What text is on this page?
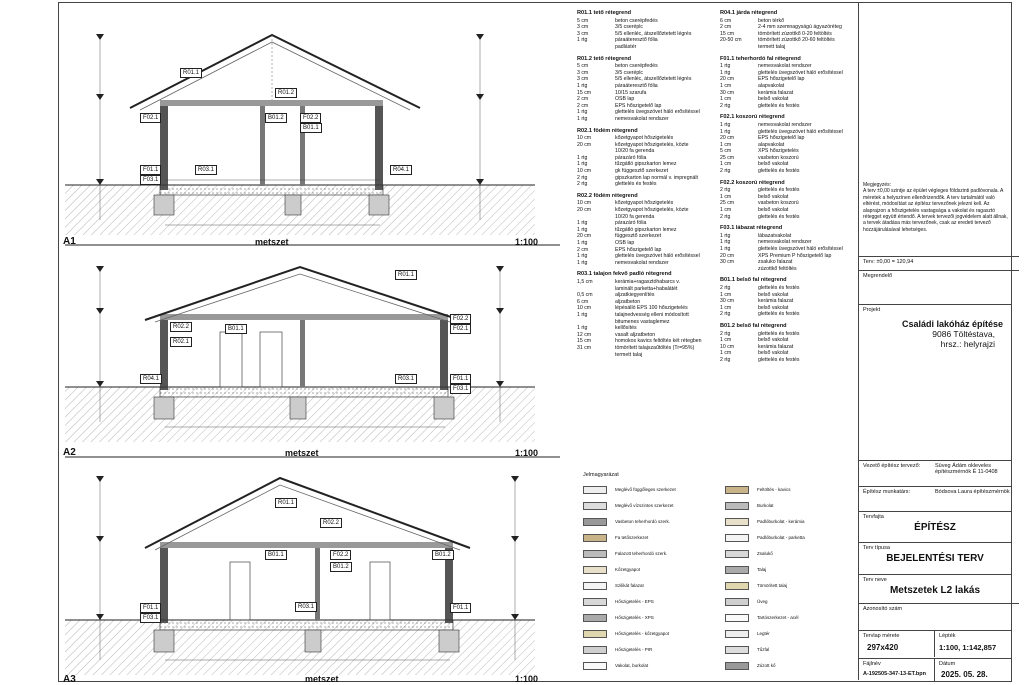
R01.1
R01.2
B01.2	F02.2
F02.1
B01.1
R04.1
F01.1
F03.1
R03.1
A1	metszet	1:100
R01.1
R02.2
R02.1
B01.1
R04.1	R03.1	F01.1
F03.1
F02.2
F02.1
A2	metszet	1:100
R01.1
R02.2
B01.1	F02.2	B01.2
R03.1
F01.1
F03.1
F01.1
B01.2
A3	metszet	1:100
R01.1 tető rétegrend
5 cm	beton cserépfedés
3 cm	3/5 cseréplc
3 cm	5/5 ellenléc, átszellőztetett légrés
1 rtg	páraáteresztő fólia
padlástér
R01.2 tető rétegrend
5 cm	beton cserépfedés
3 cm	3/5 cseréplc
3 cm	5/5 ellenléc, átszellőztetett légrés
1 rtg	páraáteresztő fólia
15 cm	10/15 szarufa
2 cm	OSB lap
2 cm	EPS hőszigetelő lap
1 rtg	glettelés üvegszövet háló erősítéssel
1 rtg	nemesvakolat rendszer
R02.1 födém rétegrend
10 cm	kőzetgyapot hőszigetelés
20 cm	kőzetgyapot hőszigetelés, közte
10/20 fa gerenda
1 rtg	párazáró fólia
1 rtg	tűzgátló gipszkarton lemez
10 cm	gk függesztő szerkezet
2 rtg	gipszkarton lap normál v. impregnált
2 rtg	glettelés és festés
R02.2 födém rétegrend
10 cm	kőzetgyapot hőszigetelés
20 cm	kőzetgyapot hőszigetelés, közte
10/20 fa gerenda
1 rtg	párazáró fólia
1 rtg	tűzgátló gipszkarton lemez
20 cm	függesztő szerkezet
1 rtg	OSB lap
2 cm	EPS hőszigetelő lap
1 rtg	glettelés üvegszövet háló erősítéssel
1 rtg	nemesvakolat rendszer
R03.1 talajon fekvő padló rétegrend
1,5 cm	kerámia+ragasztóhabarcs v.
laminált parketta+habalátét
0,5 cm	aljzatkiegyenlítés
6 cm	aljzatbeton
10 cm	lépésálló EPS 100 hőszigetelés
1 rtg	talajnedvesség elleni módosított
bitumenes vastaglemez
1 rtg	kellősítés
12 cm	vasalt aljzatbeton
15 cm	homokos kavics feltöltés két rétegben
31 cm	tömörített talajszaűtöltés (Tr=95%)
termett talaj
R04.1 járda rétegrend
6 cm	beton térkő
2 cm	2-4 mm szemnagyságú ágyazóréteg
15 cm	tömörített zúzottkő 0-20 feltöltés
20-50 cm	tömörített zúzottkő 20-60 feltöltés
termett talaj
F01.1 teherhordó fal rétegrend
1 rtg	nemesvakolat rendszer
1 rtg	glettelés üvegszövet háló erősítéssel
20 cm	EPS hőszigetelő lap
1 cm	alapvakolat
30 cm	kerámia falazat
1 cm	belső vakolat
2 rtg	glettelés és festés
F02.1 koszorú rétegrend
1 rtg	nemesvakolat rendszer
1 rtg	glettelés üvegszövet háló erősítéssel
20 cm	EPS hőszigetelő lap
1 cm	alapvakolat
5 cm	XPS hőszigetelés
25 cm	vasbeton koszorú
1 cm	belső vakolat
2 rtg	glettelés és festés
F02.2 koszorú rétegrend
2 rtg	glettelés és festés
1 cm	belső vakolat
25 cm	vasbeton koszorú
1 cm	belső vakolat
2 rtg	glettelés és festés
F03.1 lábazat rétegrend
1 rtg	lábazatvakolat
1 rtg	nemesvakolat rendszer
1 rtg	glettelés üvegszövet háló erősítéssel
20 cm	XPS Premium P hőszigetelő lap
30 cm	zsaluko falazat
zúzottkő feltöltés
B01.1 belső fal rétegrend
2 rtg	glettelés és festés
1 cm	belső vakolat
30 cm	kerámia falazat
1 cm	belső vakolat
2 rtg	glettelés és festés
B01.2 belső fal rétegrend
2 rtg	glettelés és festés
1 cm	belső vakolat
10 cm	kerámia falazat
1 cm	belső vakolat
2 rtg	glettelés és festés
Jelmagyarázat
Meglévő függőleges szerkezet
Meglévő vízszintes szerkezet
Vasbeton teherhordó szerk.
Fa tetőszerkezet
Falazott teherhordó szerk.
Kőzetgyapot
Szilikát falazat
Hőszigetelés - EPS
Hőszigetelés - XPS
Hőszigetelés - kőzetgyapot
Hőszigetelés - PIR
Vakolat, burkolat
Feltöltés - kavics
Burkolat
Padlóburkolat - kerámia
Padlóburkolat - parketta
Zsalukő
Talaj
Tömörített talaj
Üveg
Tartószerkezet - acél
Legtér
Tűzfal
Zúzott kő
Megjegyzés:
A terv ±0,00 szintje az épület végleges földszinti padlóvonala. A méretek a helyszínen ellenőrizendők. A terv tartalmától való eltérést, módosítást az építész tervezőnek jelezni kell. Az alaprajzon a hőszigetelés vastagsága a vakolat és ragasztó rétegget együtt értendő. A tervek tervezői jogvédelem alatt állnak, a tervek átadása más tervezőnek, csak az eredeti tervező hozzájárulásával lehetséges.
Terv: ±0,00 = 120,94
Megrendelő
Projekt
Családi lakóház építése
9086 Töltéstava,
hrsz.: helyrajzi
Vezető építész tervező:	Süveg Ádám okleveles építészmérnök É 11-0408
Építész munkatárs:	Bódsova Laura építészmérnök
Tervfajta
ÉPÍTÉSZ
Terv típusa
BEJELENTÉSI TERV
Terv neve
Metszetek L2 lakás
Azonosító szám
Tervlap mérete
297x420
Lépték
1:100, 1:142,857
Fájlnév
A-192505-347-13-ET.bpn
Dátum
2025. 05. 28.
